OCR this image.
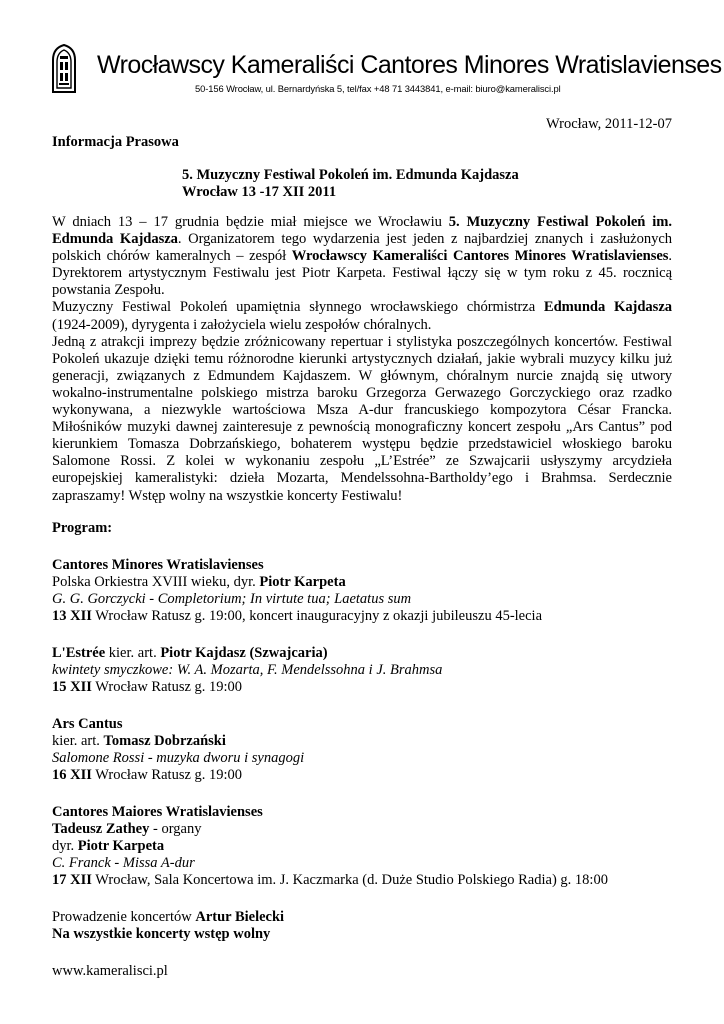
Wrocławscy Kameraliści Cantores Minores Wratislavienses
50-156 Wrocław, ul. Bernardyńska 5, tel/fax +48 71 3443841, e-mail: biuro@kameralisci.pl
Wrocław, 2011-12-07
Informacja Prasowa
5. Muzyczny Festiwal Pokoleń im. Edmunda Kajdasza
Wrocław 13 -17 XII 2011

W dniach 13 – 17 grudnia będzie miał miejsce we Wrocławiu 5. Muzyczny Festiwal Pokoleń im. Edmunda Kajdasza. Organizatorem tego wydarzenia jest jeden z najbardziej znanych i zasłużonych polskich chórów kameralnych – zespół Wrocławscy Kameraliści Cantores Minores Wratislavienses. Dyrektorem artystycznym Festiwalu jest Piotr Karpeta. Festiwal łączy się w tym roku z 45. rocznicą powstania Zespołu.

Muzyczny Festiwal Pokoleń upamiętnia słynnego wrocławskiego chórmistrza Edmunda Kajdasza (1924-2009), dyrygenta i założyciela wielu zespołów chóralnych.

Jedną z atrakcji imprezy będzie zróżnicowany repertuar i stylistyka poszczególnych koncertów. Festiwal Pokoleń ukazuje dzięki temu różnorodne kierunki artystycznych działań, jakie wybrali muzycy kilku już generacji, związanych z Edmundem Kajdaszem. W głównym, chóralnym nurcie znajdą się utwory wokalno-instrumentalne polskiego mistrza baroku Grzegorza Gerwazego Gorczyckiego oraz rzadko wykonywana, a niezwykle wartościowa Msza A-dur francuskiego kompozytora César Francka. Miłośników muzyki dawnej zainteresuje z pewnością monograficzny koncert zespołu „Ars Cantus” pod kierunkiem Tomasza Dobrzańskiego, bohaterem występu będzie przedstawiciel włoskiego baroku Salomone Rossi. Z kolei w wykonaniu zespołu „L’Estrée” ze Szwajcarii usłyszymy arcydzieła europejskiej kameralistyki: dzieła Mozarta, Mendelssohna-Bartholdy’ego i Brahmsa. Serdecznie zapraszamy! Wstęp wolny na wszystkie koncerty Festiwalu!

Program:
Cantores Minores Wratislavienses
Polska Orkiestra XVIII wieku, dyr. Piotr Karpeta
G. G. Gorczycki - Completorium; In virtute tua; Laetatus sum
13 XII Wrocław Ratusz g. 19:00, koncert inauguracyjny z okazji jubileuszu 45-lecia
L'Estrée kier. art. Piotr Kajdasz (Szwajcaria)
kwintety smyczkowe: W. A. Mozarta, F. Mendelssohna i J. Brahmsa
15 XII Wrocław Ratusz g. 19:00
Ars Cantus
kier. art. Tomasz Dobrzański
Salomone Rossi - muzyka dworu i synagogi
16 XII Wrocław Ratusz g. 19:00
Cantores Maiores Wratislavienses
Tadeusz Zathey - organy
dyr. Piotr Karpeta
C. Franck - Missa A-dur
17 XII Wrocław, Sala Koncertowa im. J. Kaczmarka (d. Duże Studio Polskiego Radia) g. 18:00
Prowadzenie koncertów Artur Bielecki
Na wszystkie koncerty wstęp wolny
www.kameralisci.pl
